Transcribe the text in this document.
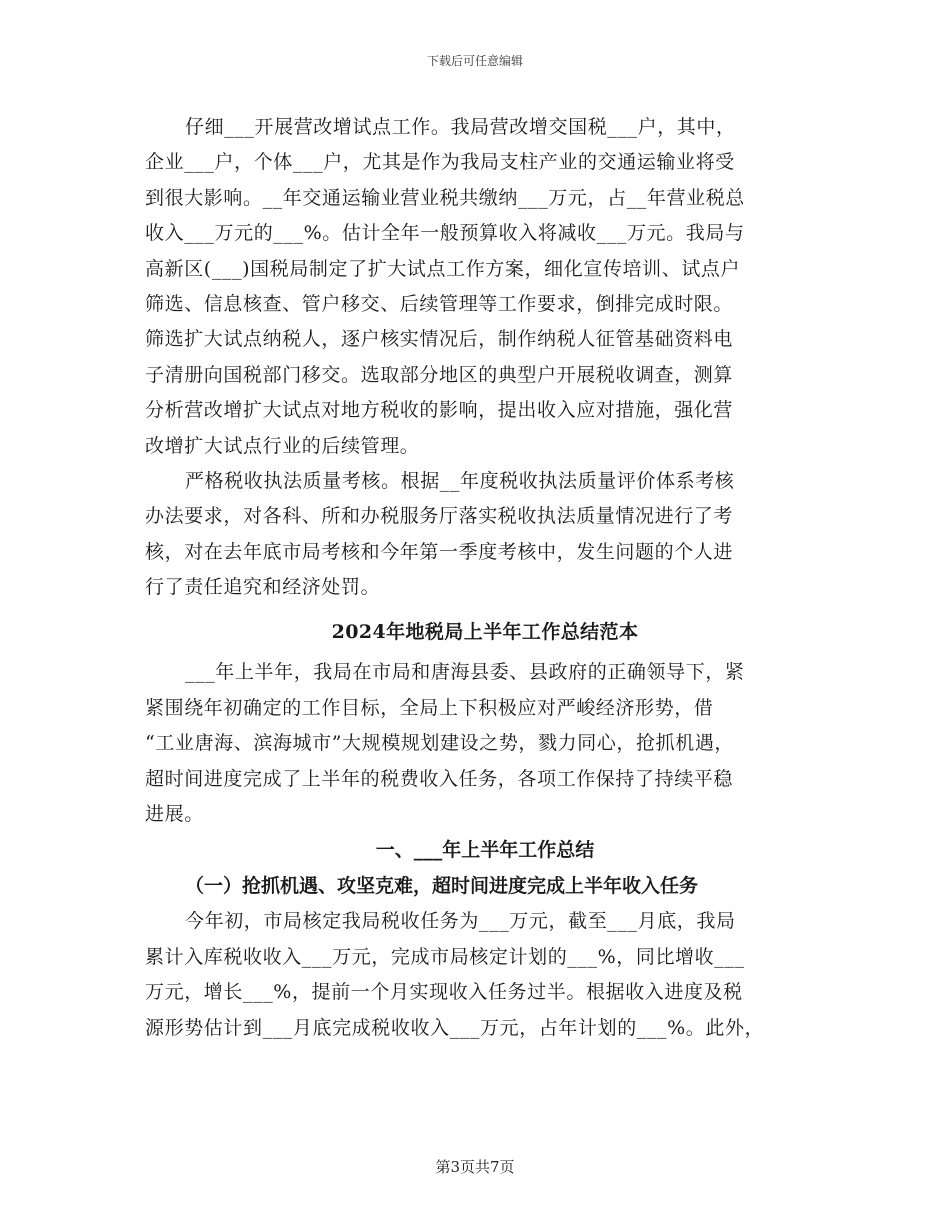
下载后可任意编辑
仔细___开展营改增试点工作。我局营改增交国税___户，其中，
企业___户，个体___户，尤其是作为我局支柱产业的交通运输业将受
到很大影响。__年交通运输业营业税共缴纳___万元，占__年营业税总
收入___万元的___%。估计全年一般预算收入将减收___万元。我局与
高新区(___)国税局制定了扩大试点工作方案，细化宣传培训、试点户
筛选、信息核查、管户移交、后续管理等工作要求，倒排完成时限。
筛选扩大试点纳税人，逐户核实情况后，制作纳税人征管基础资料电
子清册向国税部门移交。选取部分地区的典型户开展税收调查，测算
分析营改增扩大试点对地方税收的影响，提出收入应对措施，强化营
改增扩大试点行业的后续管理。
严格税收执法质量考核。根据__年度税收执法质量评价体系考核
办法要求，对各科、所和办税服务厅落实税收执法质量情况进行了考
核，对在去年底市局考核和今年第一季度考核中，发生问题的个人进
行了责任追究和经济处罚。
2024年地税局上半年工作总结范本
___年上半年，我局在市局和唐海县委、县政府的正确领导下，紧
紧围绕年初确定的工作目标，全局上下积极应对严峻经济形势，借
“工业唐海、滨海城市”大规模规划建设之势，戮力同心，抢抓机遇，
超时间进度完成了上半年的税费收入任务，各项工作保持了持续平稳
进展。
一、___年上半年工作总结
（一）抢抓机遇、攻坚克难，超时间进度完成上半年收入任务
今年初，市局核定我局税收任务为___万元，截至___月底，我局
累计入库税收收入___万元，完成市局核定计划的___%，同比增收___
万元，增长___%，提前一个月实现收入任务过半。根据收入进度及税
源形势估计到___月底完成税收收入___万元，占年计划的___%。此外，
第3页共7页
